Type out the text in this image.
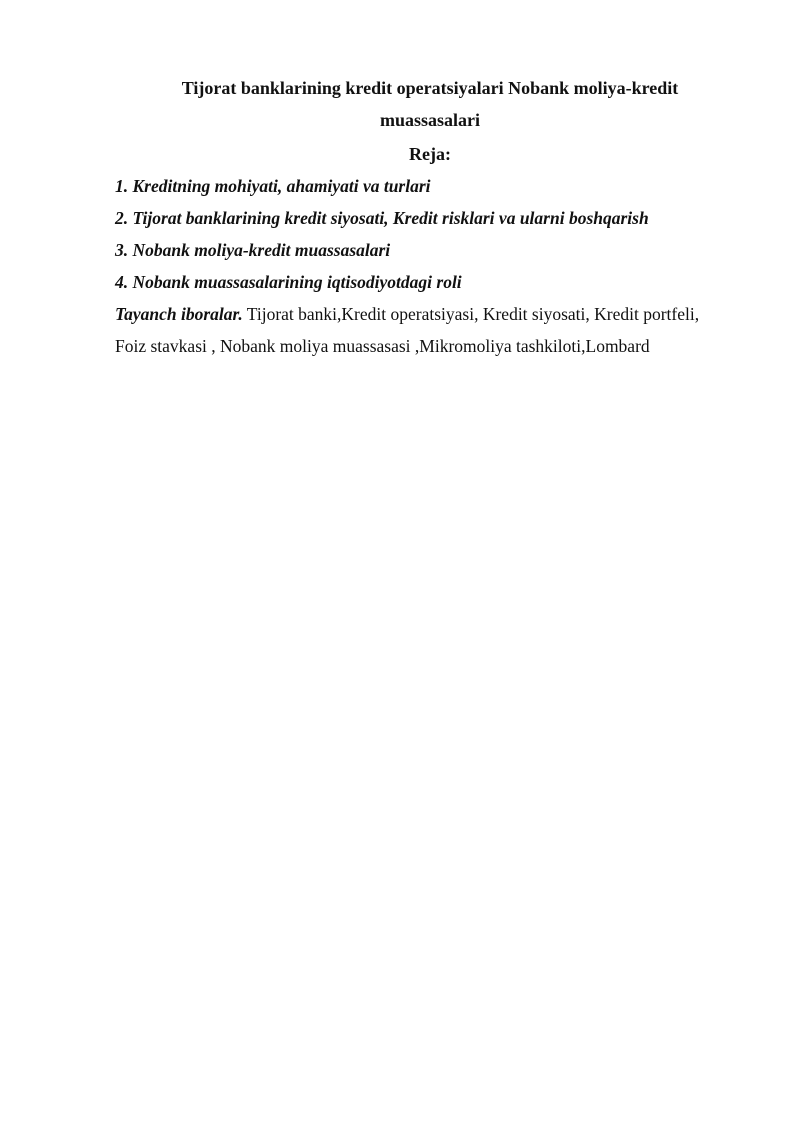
Tijorat banklarining kredit operatsiyalari Nobank moliya-kredit
muassasalari
Reja:
1. Kreditning mohiyati, ahamiyati va turlari
2. Tijorat banklarining kredit siyosati, Kredit risklari va ularni boshqarish
3. Nobank moliya-kredit muassasalari
4. Nobank muassasalarining iqtisodiyotdagi roli
Tayanch iboralar. Tijorat banki,Kredit operatsiyasi, Kredit siyosati, Kredit portfeli,
Foiz stavkasi , Nobank moliya muassasasi ,Mikromoliya tashkiloti,Lombard
